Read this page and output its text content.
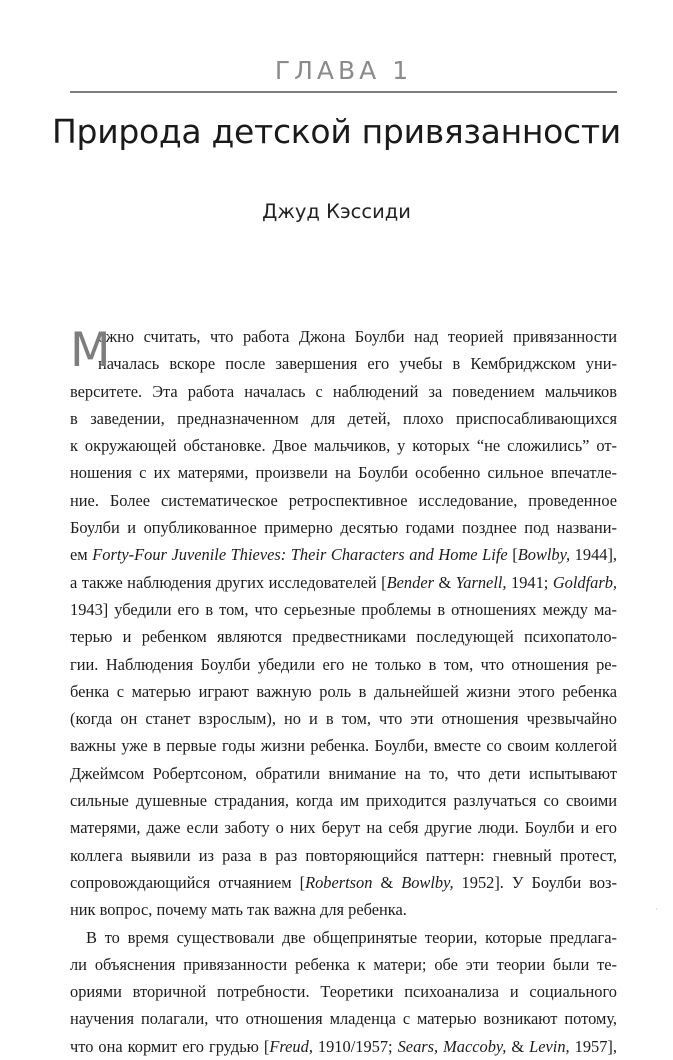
ГЛАВА 1
Природа детской привязанности
Джуд Кэссиди
М
ожно считать, что работа Джона Боулби над теорией привязанности
началась вскоре после завершения его учебы в Кембриджском уни-
верситете. Эта работа началась с наблюдений за поведением мальчиков
в заведении, предназначенном для детей, плохо приспосабливающихся
к окружающей обстановке. Двое мальчиков, у которых “не сложились” от-
ношения с их матерями, произвели на Боулби особенно сильное впечатле-
ние. Более систематическое ретроспективное исследование, проведенное
Боулби и опубликованное примерно десятью годами позднее под названи-
ем Forty-Four Juvenile Thieves: Their Characters and Home Life [Bowlby, 1944],
а также наблюдения других исследователей [Bender & Yarnell, 1941; Goldfarb,
1943] убедили его в том, что серьезные проблемы в отношениях между ма-
терью и ребенком являются предвестниками последующей психопатоло-
гии. Наблюдения Боулби убедили его не только в том, что отношения ре-
бенка с матерью играют важную роль в дальнейшей жизни этого ребенка
(когда он станет взрослым), но и в том, что эти отношения чрезвычайно
важны уже в первые годы жизни ребенка. Боулби, вместе со своим коллегой
Джеймсом Робертсоном, обратили внимание на то, что дети испытывают
сильные душевные страдания, когда им приходится разлучаться со своими
матерями, даже если заботу о них берут на себя другие люди. Боулби и его
коллега выявили из раза в раз повторяющийся паттерн: гневный протест,
сопровождающийся отчаянием [Robertson & Bowlby, 1952]. У Боулби воз-
ник вопрос, почему мать так важна для ребенка.
В то время существовали две общепринятые теории, которые предлага-
ли объяснения привязанности ребенка к матери; обе эти теории были те-
ориями вторичной потребности. Теоретики психоанализа и социального
научения полагали, что отношения младенца с матерью возникают потому,
что она кормит его грудью [Freud, 1910/1957; Sears, Maccoby, & Levin, 1957],
·
